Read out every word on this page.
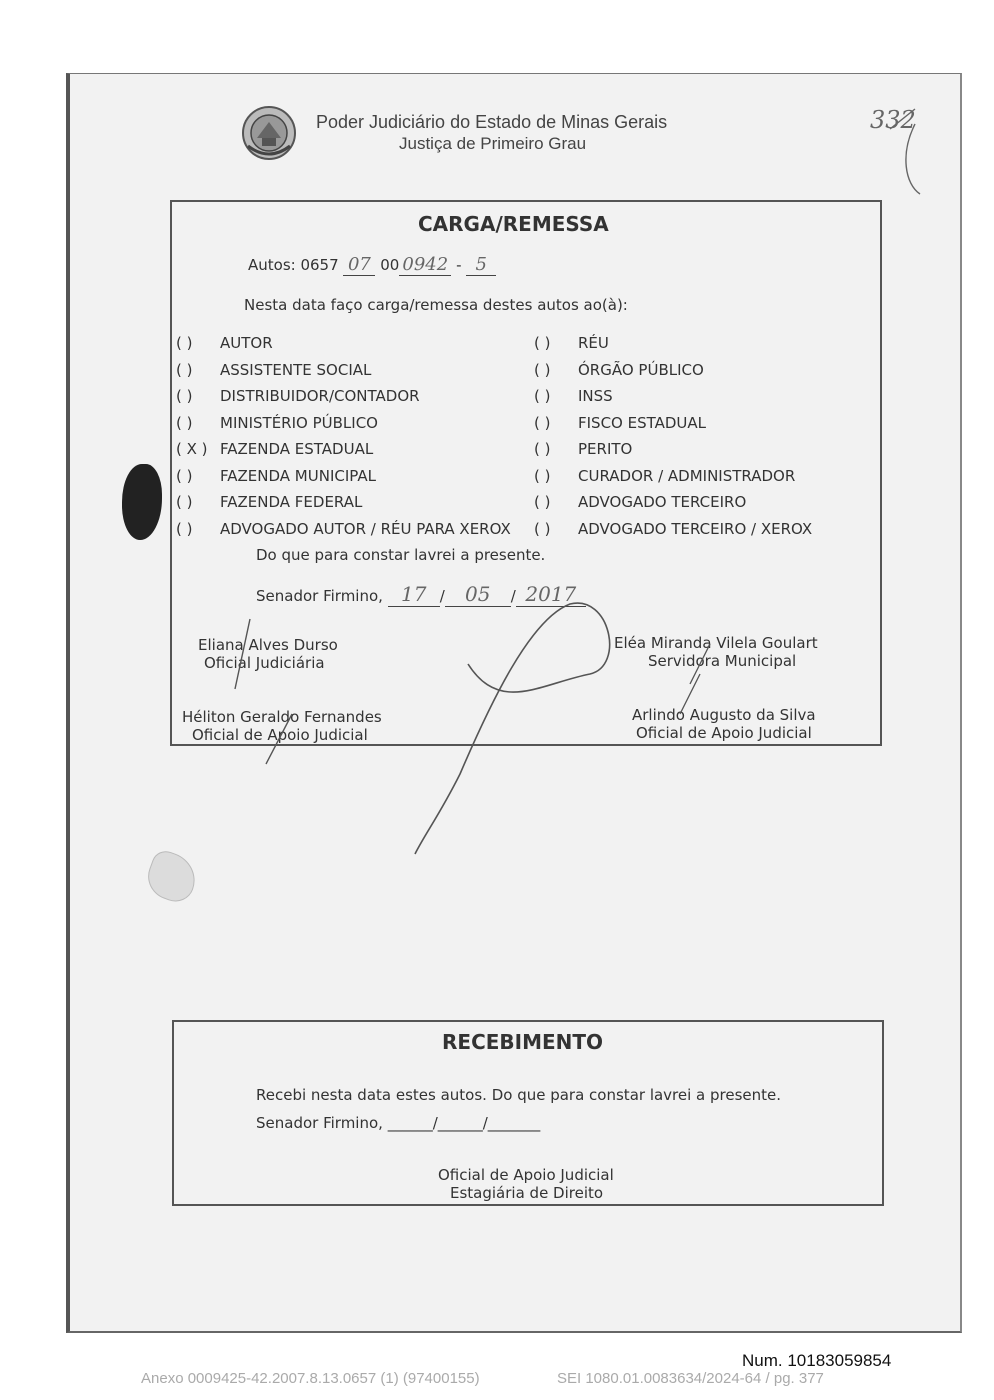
Poder Judiciário do Estado de Minas Gerais
Justiça de Primeiro Grau
332
CARGA/REMESSA
Autos: 0657 07 00 0942 - 5
Nesta data faço carga/remessa destes autos ao(à):
( ) AUTOR
( ) ASSISTENTE SOCIAL
( ) DISTRIBUIDOR/CONTADOR
( ) MINISTÉRIO PÚBLICO
( X ) FAZENDA ESTADUAL
( ) FAZENDA MUNICIPAL
( ) FAZENDA FEDERAL
( ) ADVOGADO AUTOR / RÉU PARA XEROX
( ) RÉU
( ) ÓRGÃO PÚBLICO
( ) INSS
( ) FISCO ESTADUAL
( ) PERITO
( ) CURADOR / ADMINISTRADOR
( ) ADVOGADO TERCEIRO
( ) ADVOGADO TERCEIRO / XEROX
Do que para constar lavrei a presente.
Senador Firmino, 17 / 05 / 2017
Eliana Alves Durso
Oficial Judiciária
Eléa Miranda Vilela Goulart
Servidora Municipal
Héliton Geraldo Fernandes
Oficial de Apoio Judicial
Arlindo Augusto da Silva
Oficial de Apoio Judicial
RECEBIMENTO
Recebi nesta data estes autos. Do que para constar lavrei a presente.
Senador Firmino, ______/______/_______
Oficial de Apoio Judicial
Estagiária de Direito
Num. 10183059854
Anexo 0009425-42.2007.8.13.0657 (1) (97400155)	SEI 1080.01.0083634/2024-64 / pg. 377
